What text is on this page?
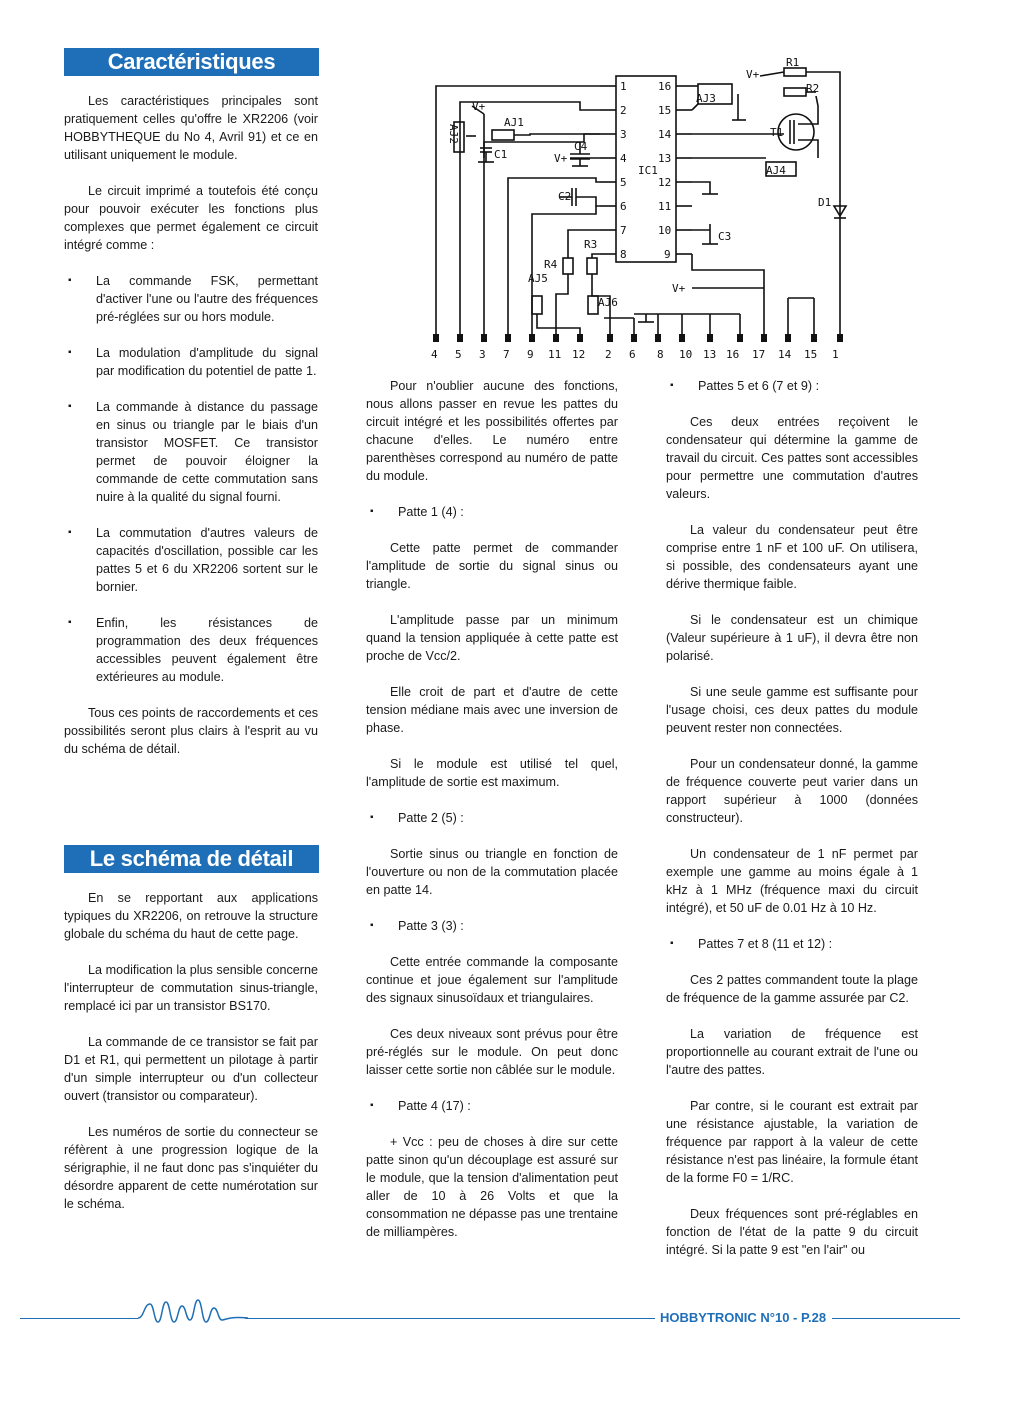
Caractéristiques

Les caractéristiques principales sont pratiquement celles qu'offre le XR2206 (voir HOBBYTHEQUE du No 4, Avril 91) et ce en utilisant uniquement le module.

Le circuit imprimé a toutefois été conçu pour pouvoir exécuter les fonctions plus complexes que permet également ce circuit intégré comme :

▪ La commande FSK, permettant d'activer l'une ou l'autre des fréquences pré-réglées sur ou hors module.
▪ La modulation d'amplitude du signal par modification du potentiel de patte 1.
▪ La commande à distance du passage en sinus ou triangle par le biais d'un transistor MOSFET. Ce transistor permet de pouvoir éloigner la commande de cette commutation sans nuire à la qualité du signal fourni.
▪ La commutation d'autres valeurs de capacités d'oscillation, possible car les pattes 5 et 6 du XR2206 sortent sur le bornier.
▪ Enfin, les résistances de programmation des deux fréquences accessibles peuvent également être extérieures au module.

Tous ces points de raccordements et ces possibilités seront plus clairs à l'esprit au vu du schéma de détail.

Le schéma de détail

En se repportant aux applications typiques du XR2206, on retrouve la structure globale du schéma du haut de cette page.

La modification la plus sensible concerne l'interrupteur de commutation sinus-triangle, remplacé ici par un transistor BS170.

La commande de ce transistor se fait par D1 et R1, qui permettent un pilotage à partir d'un simple interrupteur ou d'un collecteur ouvert (transistor ou comparateur).

Les numéros de sortie du connecteur se réfèrent à une progression logique de la sérigraphie, il ne faut donc pas s'inquiéter du désordre apparent de cette numérotation sur le schéma.

1
2
3
4
5
6
7
8
16
15
14
13
12
11
10
9
IC1
AJ1
AJ2
AJ3
AJ4
AJ5
AJ6
R1
R2
R3
R4
C1
C2
C3
C4
T1
D1
V+
V+
V+
V+
4 5 3 7 9 11 12 2 6 8 10 13 16 17 14 15 1

Pour n'oublier aucune des fonctions, nous allons passer en revue les pattes du circuit intégré et les possibilités offertes par chacune d'elles. Le numéro entre parenthèses correspond au numéro de patte du module.

▪ Patte 1 (4) :

Cette patte permet de commander l'amplitude de sortie du signal sinus ou triangle.

L'amplitude passe par un minimum quand la tension appliquée à cette patte est proche de Vcc/2.

Elle croit de part et d'autre de cette tension médiane mais avec une inversion de phase.

Si le module est utilisé tel quel, l'amplitude de sortie est maximum.

▪ Patte 2 (5) :

Sortie sinus ou triangle en fonction de l'ouverture ou non de la commutation placée en patte 14.

▪ Patte 3 (3) :

Cette entrée commande la composante continue et joue également sur l'amplitude des signaux sinusoïdaux et triangulaires.

Ces deux niveaux sont prévus pour être pré-réglés sur le module. On peut donc laisser cette sortie non câblée sur le module.

▪ Patte 4 (17) :

+ Vcc : peu de choses à dire sur cette patte sinon qu'un découplage est assuré sur le module, que la tension d'alimentation peut aller de 10 à 26 Volts et que la consommation ne dépasse pas une trentaine de milliampères.

▪ Pattes 5 et 6 (7 et 9) :

Ces deux entrées reçoivent le condensateur qui détermine la gamme de travail du circuit. Ces pattes sont accessibles pour permettre une commutation d'autres valeurs.

La valeur du condensateur peut être comprise entre 1 nF et 100 uF. On utilisera, si possible, des condensateurs ayant une dérive thermique faible.

Si le condensateur est un chimique (Valeur supérieure à 1 uF), il devra être non polarisé.

Si une seule gamme est suffisante pour l'usage choisi, ces deux pattes du module peuvent rester non connectées.

Pour un condensateur donné, la gamme de fréquence couverte peut varier dans un rapport supérieur à 1000 (données constructeur).

Un condensateur de 1 nF permet par exemple une gamme au moins égale à 1 kHz à 1 MHz (fréquence maxi du circuit intégré), et 50 uF de 0.01 Hz à 10 Hz.

▪ Pattes 7 et 8 (11 et 12) :

Ces 2 pattes commandent toute la plage de fréquence de la gamme assurée par C2.

La variation de fréquence est proportionnelle au courant extrait de l'une ou l'autre des pattes.

Par contre, si le courant est extrait par une résistance ajustable, la variation de fréquence par rapport à la valeur de cette résistance n'est pas linéaire, la formule étant de la forme F0 = 1/RC.

Deux fréquences sont pré-réglables en fonction de l'état de la patte 9 du circuit intégré. Si la patte 9 est "en l'air" ou

HOBBYTRONIC N°10 - P.28
